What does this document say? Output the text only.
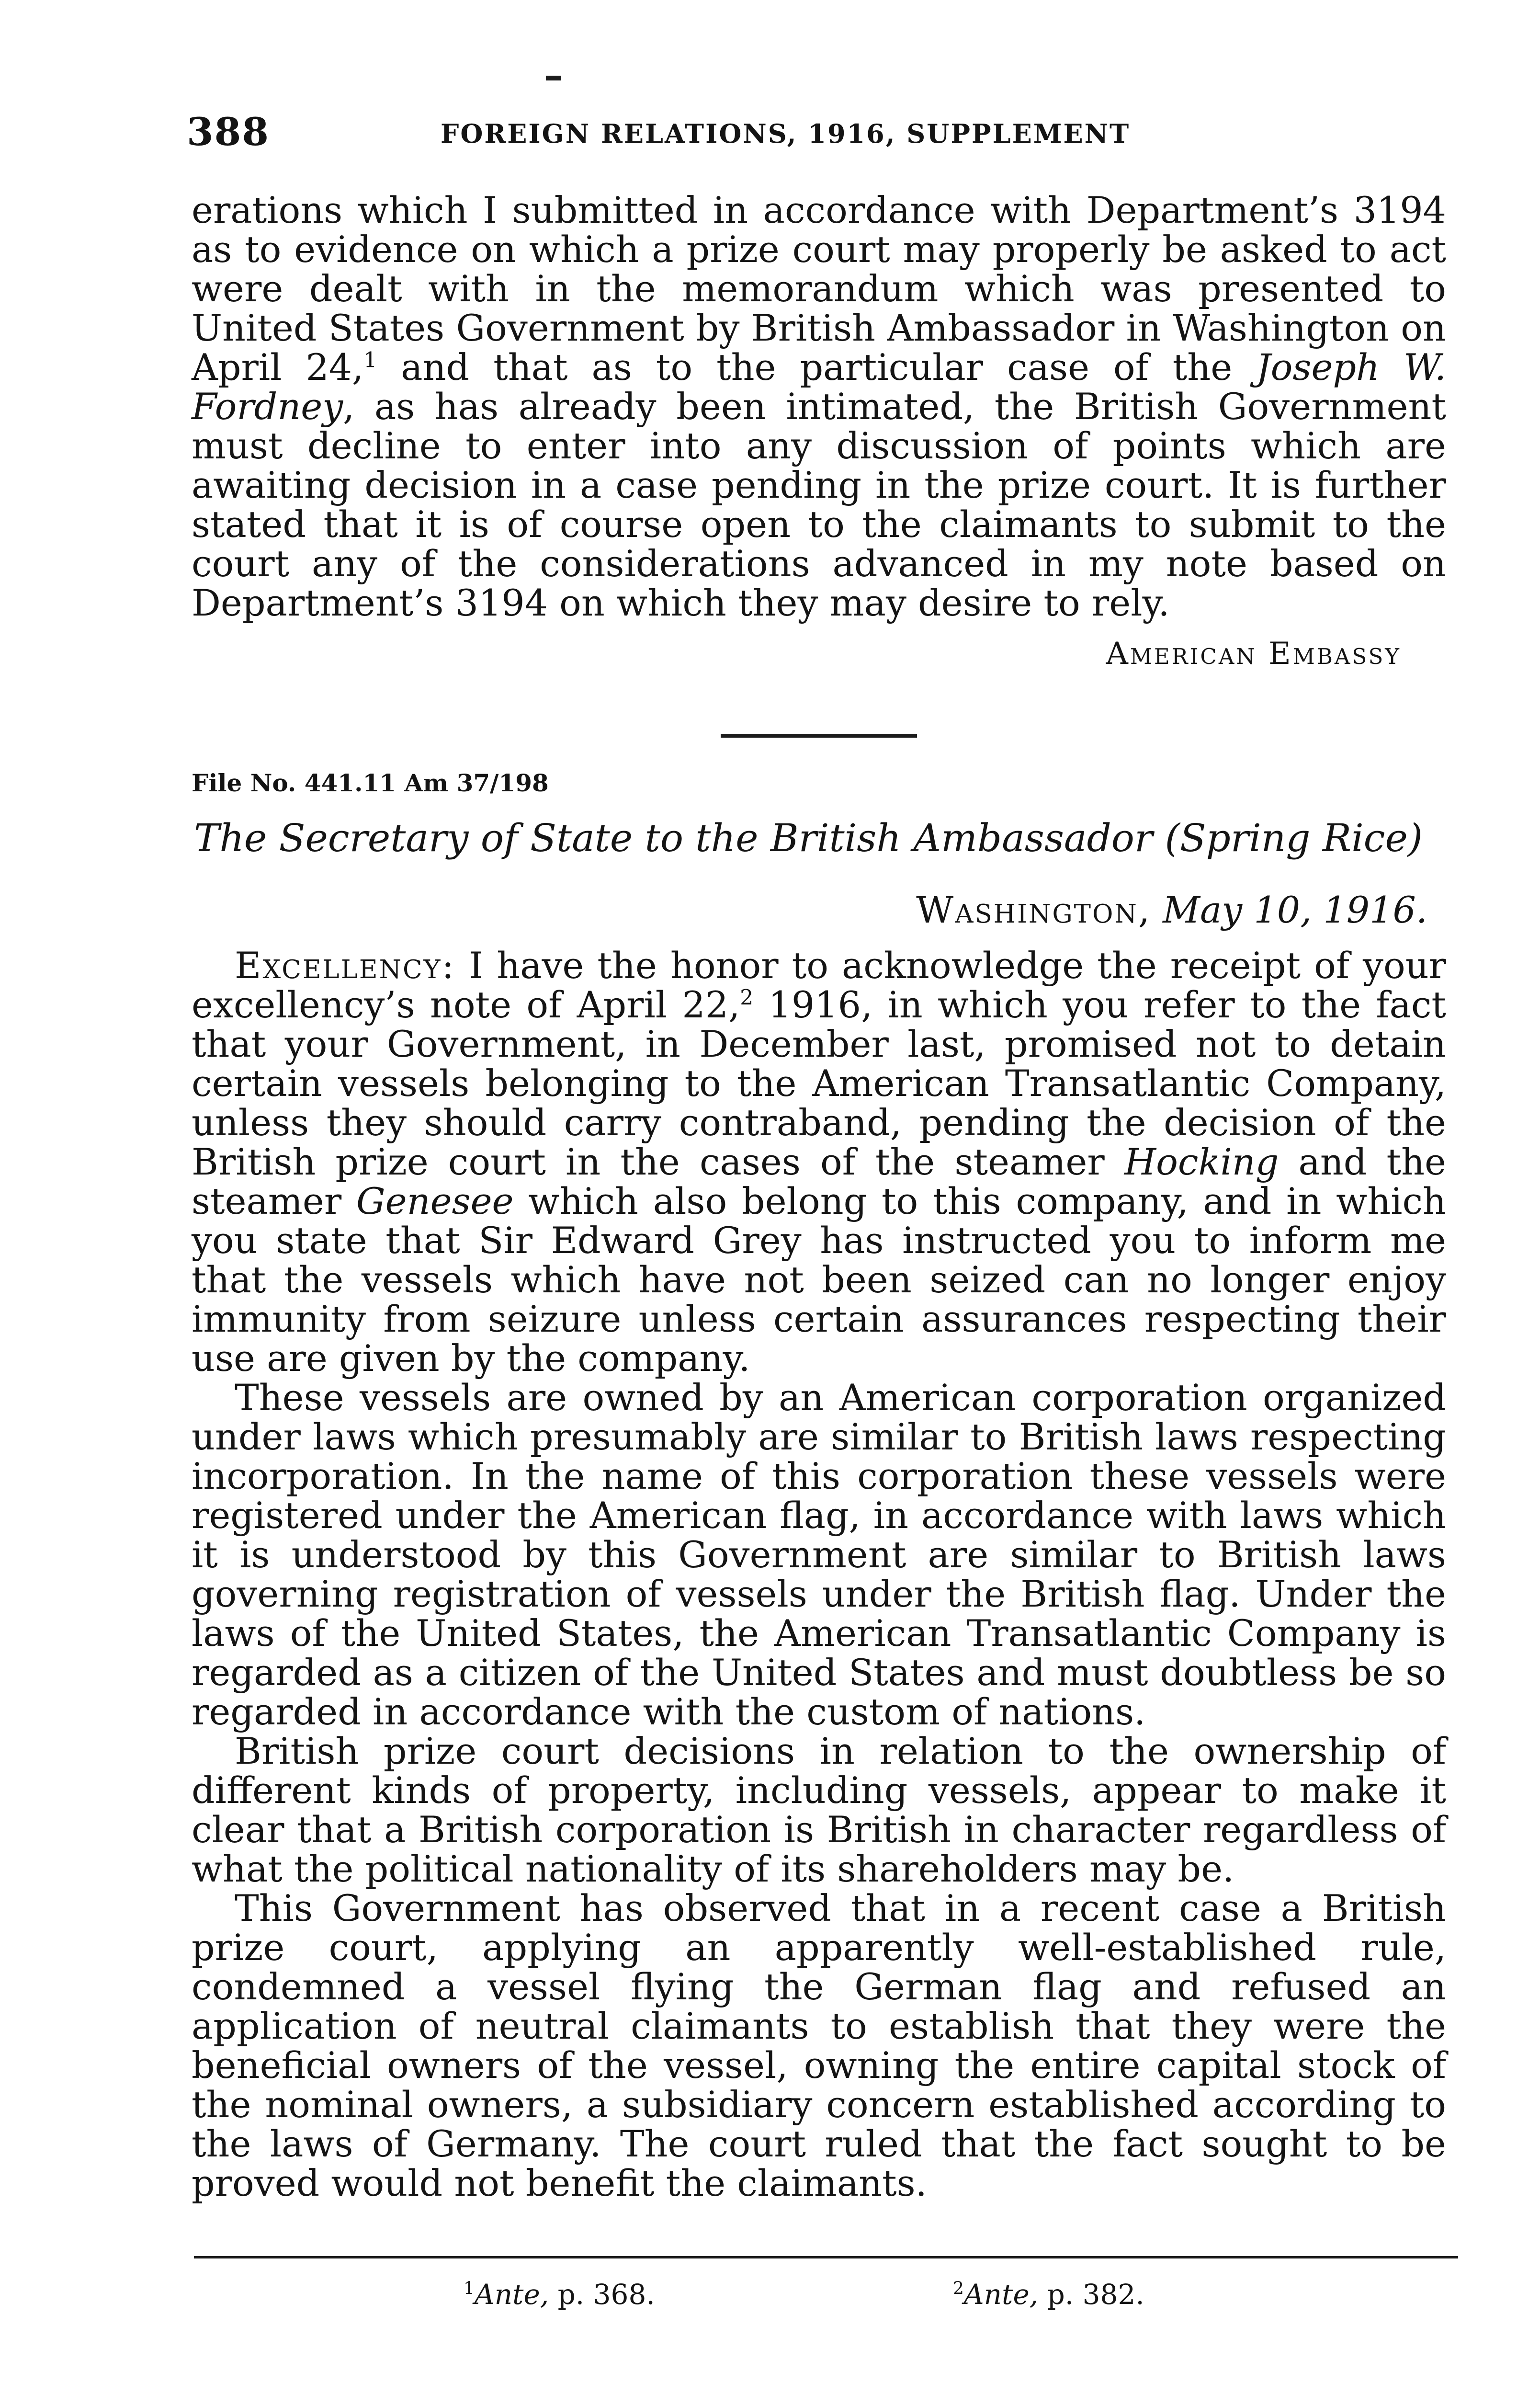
388	FOREIGN RELATIONS, 1916, SUPPLEMENT

erations which I submitted in accordance with Department’s 3194 as to evidence on which a prize court may properly be asked to act were dealt with in the memorandum which was presented to United States Government by British Ambassador in Washington on April 24,$^1$ and that as to the particular case of the Joseph W. Fordney, as has already been intimated, the British Government must decline to enter into any discussion of points which are awaiting decision in a case pending in the prize court. It is further stated that it is of course open to the claimants to submit to the court any of the considerations advanced in my note based on Department’s 3194 on which they may desire to rely.

American Embassy
File No. 441.11 Am 37/198
The Secretary of State to the British Ambassador (Spring Rice)
Washington, May 10, 1916.

Excellency: I have the honor to acknowledge the receipt of your excellency’s note of April 22,$^2$ 1916, in which you refer to the fact that your Government, in December last, promised not to detain certain vessels belonging to the American Transatlantic Company, unless they should carry contraband, pending the decision of the British prize court in the cases of the steamer Hocking and the steamer Genesee which also belong to this company, and in which you state that Sir Edward Grey has instructed you to inform me that the vessels which have not been seized can no longer enjoy immunity from seizure unless certain assurances respecting their use are given by the company.

These vessels are owned by an American corporation organized under laws which presumably are similar to British laws respecting incorporation. In the name of this corporation these vessels were registered under the American flag, in accordance with laws which it is understood by this Government are similar to British laws governing registration of vessels under the British flag. Under the laws of the United States, the American Transatlantic Company is regarded as a citizen of the United States and must doubtless be so regarded in accordance with the custom of nations.

British prize court decisions in relation to the ownership of different kinds of property, including vessels, appear to make it clear that a British corporation is British in character regardless of what the political nationality of its shareholders may be.

This Government has observed that in a recent case a British prize court, applying an apparently well-established rule, condemned a vessel flying the German flag and refused an application of neutral claimants to establish that they were the beneficial owners of the vessel, owning the entire capital stock of the nominal owners, a subsidiary concern established according to the laws of Germany. The court ruled that the fact sought to be proved would not benefit the claimants.

$^1$Ante, p. 368.	$^2$Ante, p. 382.
